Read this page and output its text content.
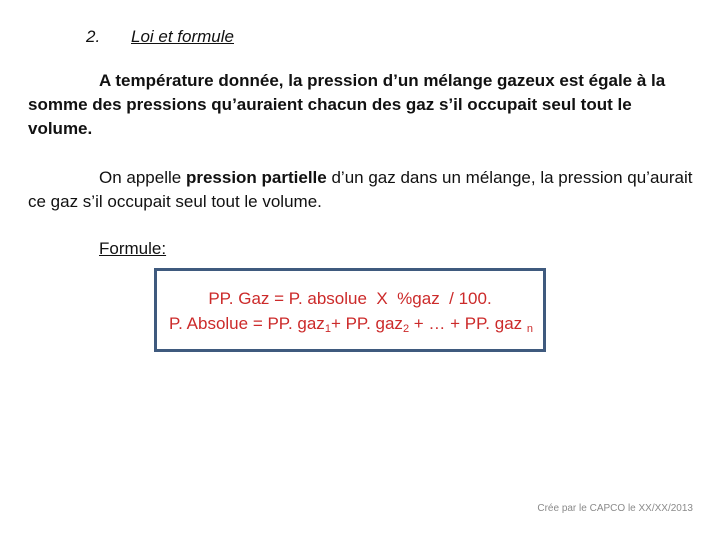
2. Loi et formule
A température donnée, la pression d’un mélange gazeux est égale à la somme des pressions qu’auraient chacun des gaz s’il occupait seul tout le volume.
On appelle pression partielle d’un gaz dans un mélange, la pression qu’aurait ce gaz s’il occupait seul tout le volume.
Formule:
PP. Gaz = P. absolue  X  %gaz  / 100.
P. Absolue = PP. gaz$_1$+ PP. gaz$_2$ + … + PP. gaz $_n$
Crée par le CAPCO le XX/XX/2013
